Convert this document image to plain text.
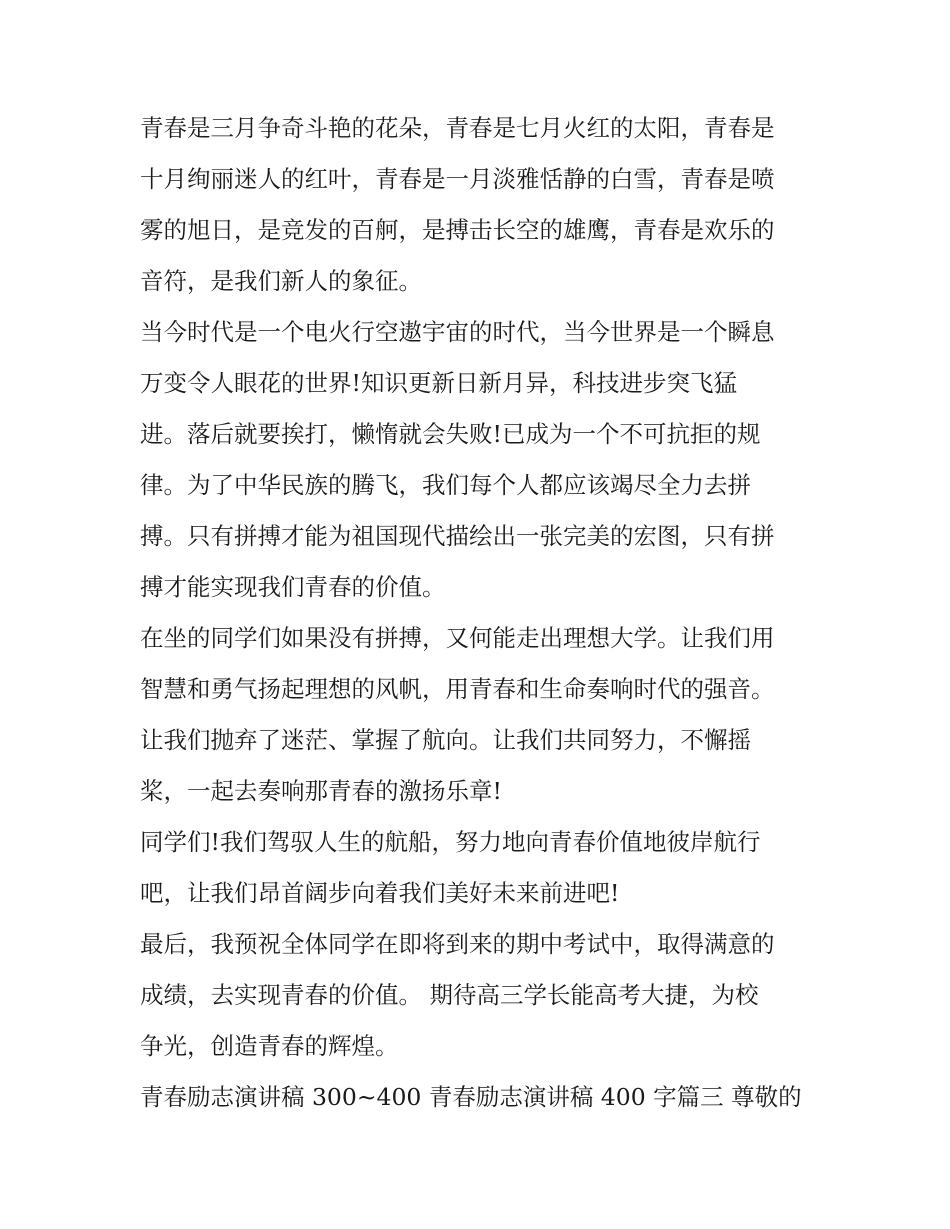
青春是三月争奇斗艳的花朵，青春是七月火红的太阳，青春是
十月绚丽迷人的红叶，青春是一月淡雅恬静的白雪，青春是喷
雾的旭日，是竞发的百舸，是搏击长空的雄鹰，青春是欢乐的
音符，是我们新人的象征。
当今时代是一个电火行空遨宇宙的时代，当今世界是一个瞬息
万变令人眼花的世界!知识更新日新月异，科技进步突飞猛
进。落后就要挨打，懒惰就会失败!已成为一个不可抗拒的规
律。为了中华民族的腾飞，我们每个人都应该竭尽全力去拼
搏。只有拼搏才能为祖国现代描绘出一张完美的宏图，只有拼
搏才能实现我们青春的价值。
在坐的同学们如果没有拼搏，又何能走出理想大学。让我们用
智慧和勇气扬起理想的风帆，用青春和生命奏响时代的强音。
让我们抛弃了迷茫、掌握了航向。让我们共同努力，不懈摇
桨，一起去奏响那青春的激扬乐章!
同学们!我们驾驭人生的航船，努力地向青春价值地彼岸航行
吧，让我们昂首阔步向着我们美好未来前进吧!
最后，我预祝全体同学在即将到来的期中考试中，取得满意的
成绩，去实现青春的价值。 期待高三学长能高考大捷，为校
争光，创造青春的辉煌。
青春励志演讲稿 300~400 青春励志演讲稿 400 字篇三 尊敬的
